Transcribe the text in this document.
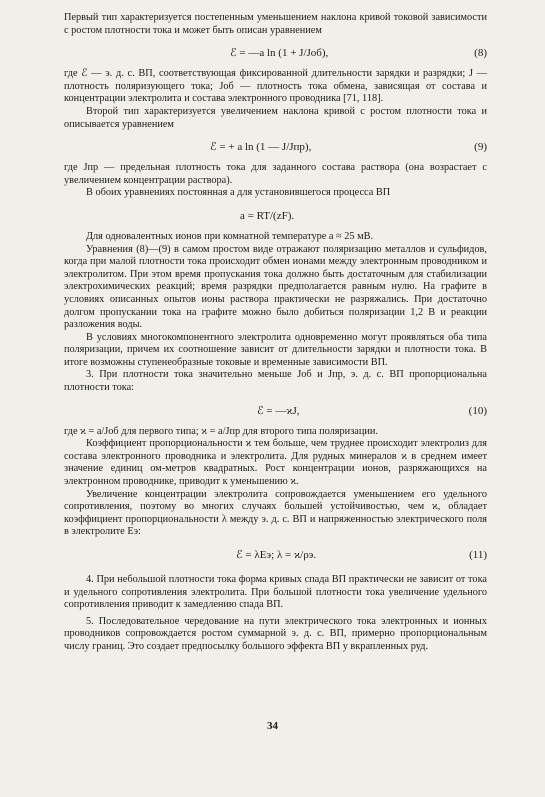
Первый тип характеризуется постепенным уменьшением наклона кривой токовой зависимости с ростом плотности тока и может быть описан уравнением

ℰ = —a ln (1 + J/Jоб),	(8)

где ℰ — э. д. с. ВП, соответствующая фиксированной длительности зарядки и разрядки; J — плотность поляризующего тока; Jоб — плотность тока обмена, зависящая от состава и концентрации электролита и состава электронного проводника [71, 118].

Второй тип характеризуется увеличением наклона кривой с ростом плотности тока и описывается уравнением

ℰ = + a ln (1 — J/Jпр),	(9)

где Jпр — предельная плотность тока для заданного состава раствора (она возрастает с увеличением концентрации раствора).

В обоих уравнениях постоянная a для установившегося процесса ВП

a = RT/(zF).

Для одновалентных ионов при комнатной температуре a ≈ 25 мВ.

Уравнения (8)—(9) в самом простом виде отражают поляризацию металлов и сульфидов, когда при малой плотности тока происходит обмен ионами между электронным проводником и электролитом. При этом время пропускания тока должно быть достаточным для стабилизации электрохимических реакций; время разрядки предполагается равным нулю. На графите в условиях описанных опытов ионы раствора практически не разряжались. При достаточно долгом пропускании тока на графите можно было добиться поляризации 1,2 В и реакции разложения воды.

В условиях многокомпонентного электролита одновременно могут проявляться оба типа поляризации, причем их соотношение зависит от длительности зарядки и плотности тока. В итоге возможны ступенеобразные токовые и временные зависимости ВП.

3. При плотности тока значительно меньше Jоб и Jпр, э. д. с. ВП пропорциональна плотности тока:

ℰ = —ϰJ,	(10)

где ϰ = a/Jоб для первого типа; ϰ = a/Jпр для второго типа поляризации.

Коэффициент пропорциональности ϰ тем больше, чем труднее происходит электролиз для состава электронного проводника и электролита. Для рудных минералов ϰ в среднем имеет значение единиц ом-метров квадратных. Рост концентрации ионов, разряжающихся на электронном проводнике, приводит к уменьшению ϰ.

Увеличение концентрации электролита сопровождается уменьшением его удельного сопротивления, поэтому во многих случаях большей устойчивостью, чем ϰ, обладает коэффициент пропорциональности λ между э. д. с. ВП и напряженностью электрического поля в электролите Eэ:

ℰ = λEэ; λ = ϰ/ρэ.	(11)

4. При небольшой плотности тока форма кривых спада ВП практически не зависит от тока и удельного сопротивления электролита. При большой плотности тока увеличение удельного сопротивления приводит к замедлению спада ВП.

5. Последовательное чередование на пути электрического тока электронных и ионных проводников сопровождается ростом суммарной э. д. с. ВП, примерно пропорциональным числу границ. Это создает предпосылку большого эффекта ВП у вкрапленных руд.

34
